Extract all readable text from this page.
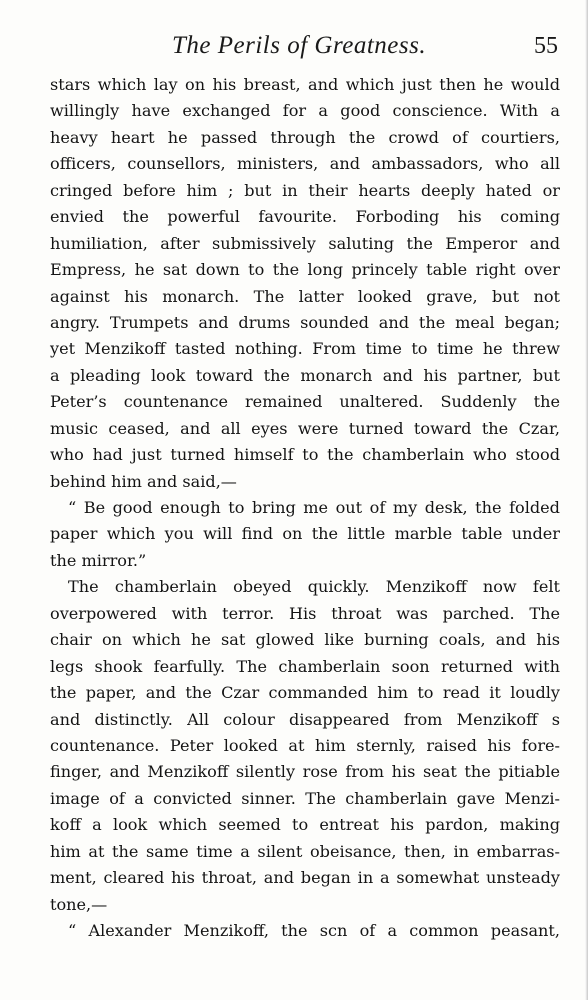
The Perils of Greatness.	55
stars which lay on his breast, and which just then he would
willingly have exchanged for a good conscience. With a
heavy heart he passed through the crowd of courtiers,
officers, counsellors, ministers, and ambassadors, who all
cringed before him ; but in their hearts deeply hated or
envied the powerful favourite. Forboding his coming
humiliation, after submissively saluting the Emperor and
Empress, he sat down to the long princely table right over
against his monarch. The latter looked grave, but not
angry. Trumpets and drums sounded and the meal began;
yet Menzikoff tasted nothing. From time to time he threw
a pleading look toward the monarch and his partner, but
Peter’s countenance remained unaltered. Suddenly the
music ceased, and all eyes were turned toward the Czar,
who had just turned himself to the chamberlain who stood
behind him and said,—
“ Be good enough to bring me out of my desk, the folded
paper which you will find on the little marble table under
the mirror.”
The chamberlain obeyed quickly. Menzikoff now felt
overpowered with terror. His throat was parched. The
chair on which he sat glowed like burning coals, and his
legs shook fearfully. The chamberlain soon returned with
the paper, and the Czar commanded him to read it loudly
and distinctly. All colour disappeared from Menzikoff s
countenance. Peter looked at him sternly, raised his fore-
finger, and Menzikoff silently rose from his seat the pitiable
image of a convicted sinner. The chamberlain gave Menzi-
koff a look which seemed to entreat his pardon, making
him at the same time a silent obeisance, then, in embarras-
ment, cleared his throat, and began in a somewhat unsteady
tone,—
“ Alexander Menzikoff, the scn of a common peasant,
